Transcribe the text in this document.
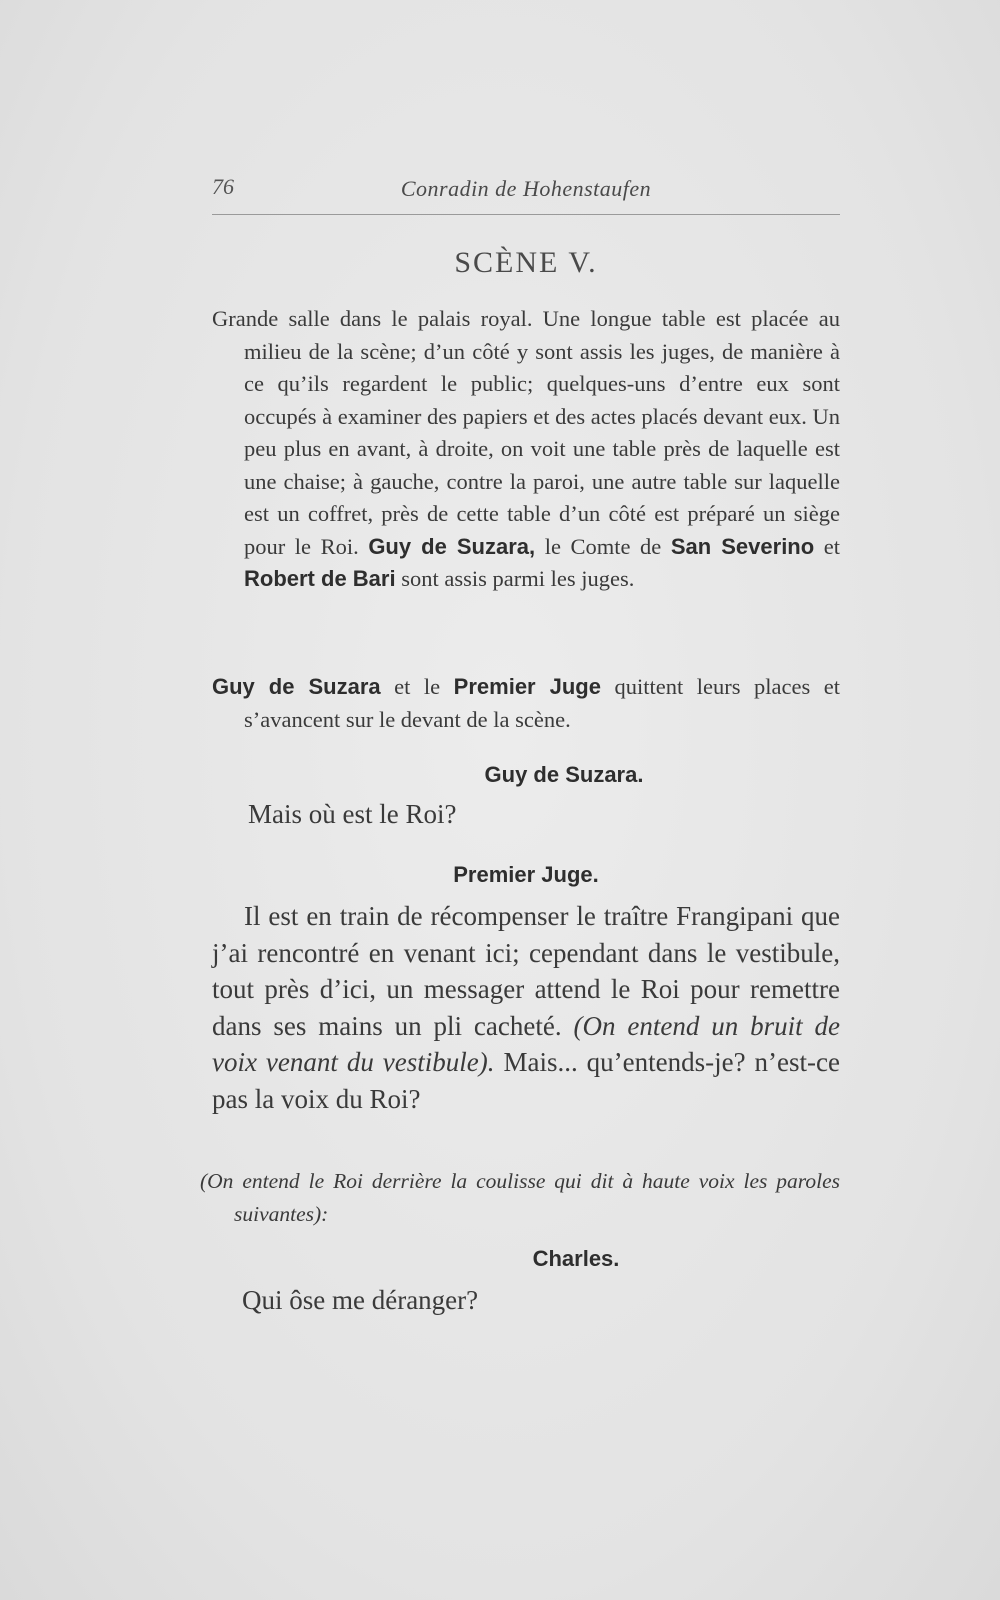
76	Conradin de Hohenstaufen
SCÈNE V.

Grande salle dans le palais royal. Une longue table est placée au milieu de la scène; d’un côté y sont assis les juges, de manière à ce qu’ils regardent le public; quelques-uns d’entre eux sont occupés à examiner des papiers et des actes placés devant eux. Un peu plus en avant, à droite, on voit une table près de laquelle est une chaise; à gauche, contre la paroi, une autre table sur laquelle est un coffret, près de cette table d’un côté est préparé un siège pour le Roi. Guy de Suzara, le Comte de San Severino et Robert de Bari sont assis parmi les juges.

Guy de Suzara et le Premier Juge quittent leurs places et s’avancent sur le devant de la scène.

Guy de Suzara.

Mais où est le Roi?

Premier Juge.

Il est en train de récompenser le traître Frangipani que j’ai rencontré en venant ici; cependant dans le vestibule, tout près d’ici, un messager attend le Roi pour remettre dans ses mains un pli cacheté. (On entend un bruit de voix venant du vestibule). Mais... qu’entends-je? n’est-ce pas la voix du Roi?

(On entend le Roi derrière la coulisse qui dit à haute voix les paroles suivantes):

Charles.

Qui ôse me déranger?
